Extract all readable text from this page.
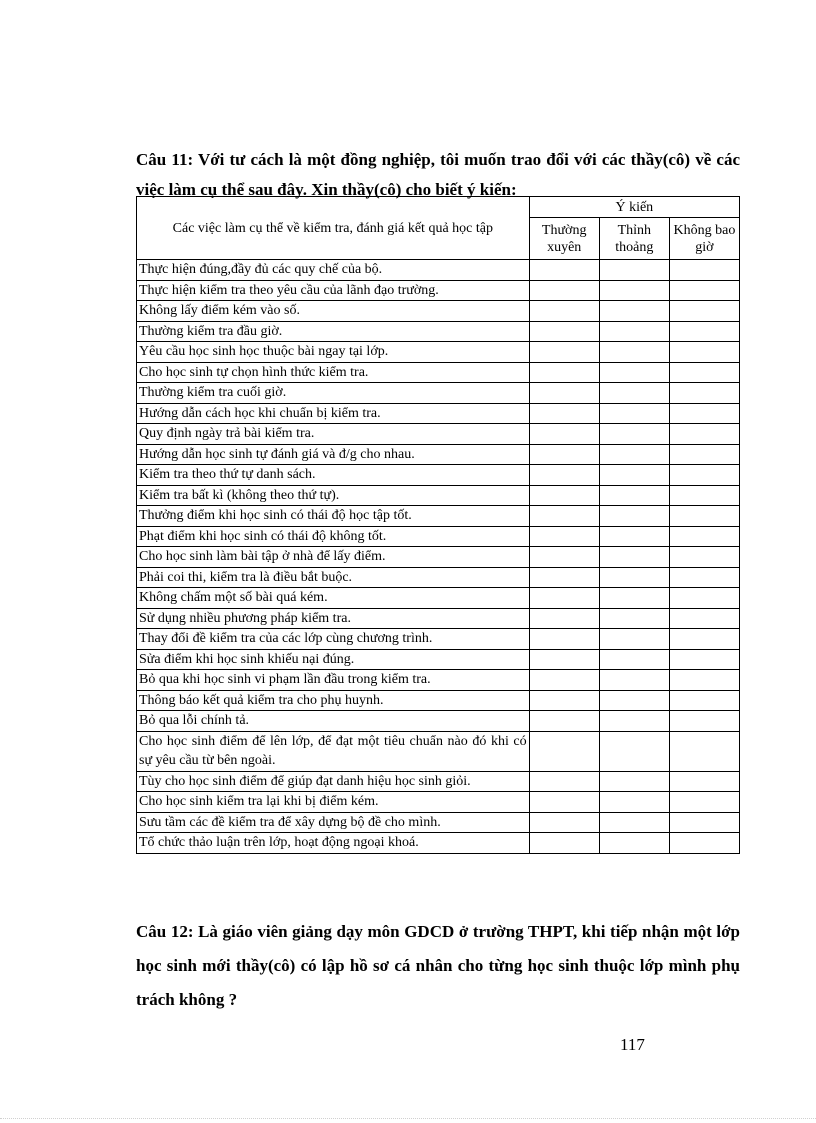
Câu 11: Với tư cách là một đồng nghiệp, tôi muốn trao đổi với các thầy(cô) về các việc làm cụ thể sau đây. Xin thầy(cô) cho biết ý kiến:

Các việc làm cụ thể về kiểm tra, đánh giá kết quả học tập	Ý kiến		
	Thường xuyên	Thỉnh thoảng	Không bao giờ
Thực hiện đúng,đầy đủ các quy chế của bộ.			
Thực hiện kiểm tra theo yêu cầu của lãnh đạo trường.			
Không lấy điểm kém vào số.			
Thường kiểm tra đầu giờ.			
Yêu cầu học sinh học thuộc bài ngay tại lớp.			
Cho học sinh tự chọn hình thức kiểm tra.			
Thường kiểm tra cuối giờ.			
Hướng dẫn cách học khi chuẩn bị kiểm tra.			
Quy định ngày trả bài kiểm tra.			
Hướng dẫn học sinh tự đánh giá và đ/g cho nhau.			
Kiểm tra theo thứ tự danh sách.			
Kiểm tra bất kì (không theo thứ tự).			
Thưởng điểm khi học sinh có thái độ học tập tốt.			
Phạt điểm khi học sinh có thái độ không tốt.			
Cho học sinh làm bài tập ở nhà để lấy điểm.			
Phải coi thi, kiểm tra là điều bắt buộc.			
Không chấm một số bài quá kém.			
Sử dụng nhiều phương pháp kiểm tra.			
Thay đổi đề kiểm tra của các lớp cùng chương trình.			
Sửa điểm khi học sinh khiếu nại đúng.			
Bỏ qua khi học sinh vi phạm lần đầu trong kiểm tra.			
Thông báo kết quả kiểm tra cho phụ huynh.			
Bỏ qua lỗi chính tả.			
Cho học sinh điểm để lên lớp, để đạt một tiêu chuẩn nào đó khi có sự yêu cầu từ bên ngoài.			
Tùy cho học sinh điểm để giúp đạt danh hiệu học sinh giỏi.			
Cho học sinh kiểm tra lại khi bị điểm kém.			
Sưu tầm các đề kiểm tra để xây dựng bộ đề cho mình.			
Tổ chức thảo luận trên lớp, hoạt động ngoại khoá.			

Câu 12: Là giáo viên giảng dạy môn GDCD ở trường THPT, khi tiếp nhận một lớp học sinh mới thầy(cô) có lập hồ sơ cá nhân cho từng học sinh thuộc lớp mình phụ trách không ?

117
